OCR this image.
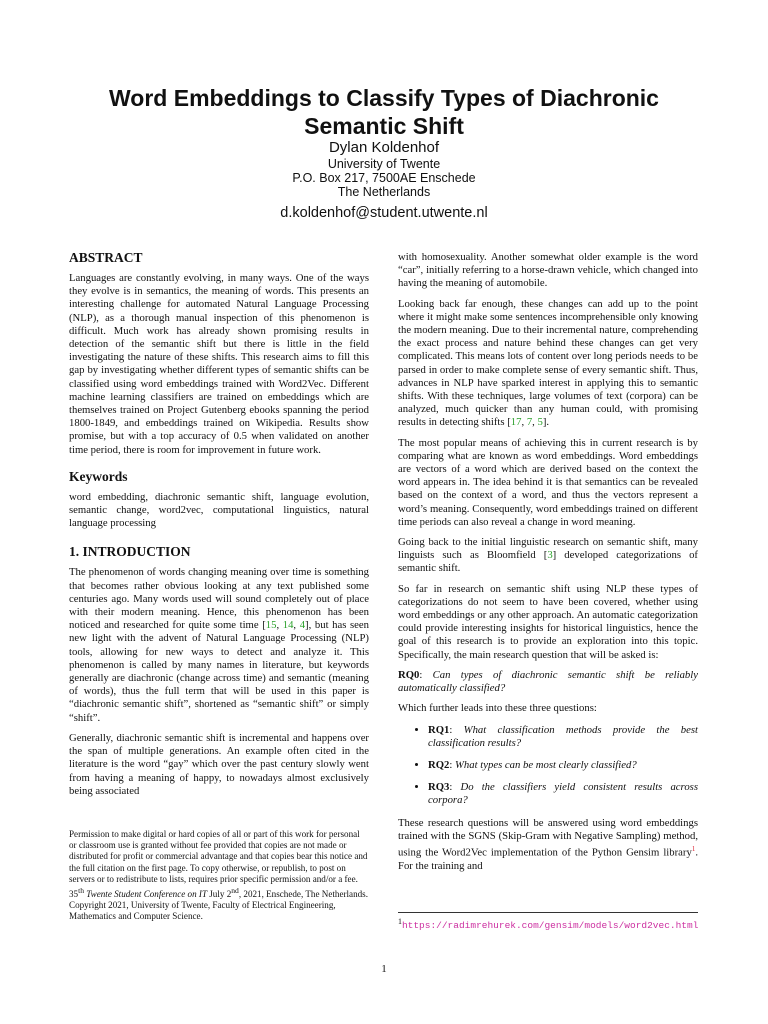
Word Embeddings to Classify Types of Diachronic Semantic Shift
Dylan Koldenhof
University of Twente
P.O. Box 217, 7500AE Enschede
The Netherlands
d.koldenhof@student.utwente.nl
ABSTRACT

Languages are constantly evolving, in many ways. One of the ways they evolve is in semantics, the meaning of words. This presents an interesting challenge for automated Natural Language Processing (NLP), as a thorough manual inspection of this phenomenon is difficult. Much work has already shown promising results in detection of the semantic shift but there is little in the field investigating the nature of these shifts. This research aims to fill this gap by investigating whether different types of semantic shifts can be classified using word embeddings trained with Word2Vec. Different machine learning classifiers are trained on embeddings which are themselves trained on Project Gutenberg ebooks spanning the period 1800-1849, and embeddings trained on Wikipedia. Results show promise, but with a top accuracy of 0.5 when validated on another time period, there is room for improvement in future work.

Keywords

word embedding, diachronic semantic shift, language evolution, semantic change, word2vec, computational linguistics, natural language processing

1. INTRODUCTION

The phenomenon of words changing meaning over time is something that becomes rather obvious looking at any text published some centuries ago. Many words used will sound completely out of place with their modern meaning. Hence, this phenomenon has been noticed and researched for quite some time [15, 14, 4], but has seen new light with the advent of Natural Language Processing (NLP) tools, allowing for new ways to detect and analyze it. This phenomenon is called by many names in literature, but keywords generally are diachronic (change across time) and semantic (meaning of words), thus the full term that will be used in this paper is “diachronic semantic shift”, shortened as “semantic shift” or simply “shift”.

Generally, diachronic semantic shift is incremental and happens over the span of multiple generations. An example often cited in the literature is the word “gay” which over the past century slowly went from having a meaning of happy, to nowadays almost exclusively being associated

Permission to make digital or hard copies of all or part of this work for personal or classroom use is granted without fee provided that copies are not made or distributed for profit or commercial advantage and that copies bear this notice and the full citation on the first page. To copy otherwise, or republish, to post on servers or to redistribute to lists, requires prior specific permission and/or a fee.
35th Twente Student Conference on IT July 2nd, 2021, Enschede, The Netherlands.
Copyright 2021, University of Twente, Faculty of Electrical Engineering, Mathematics and Computer Science.

with homosexuality. Another somewhat older example is the word “car”, initially referring to a horse-drawn vehicle, which changed into having the meaning of automobile.

Looking back far enough, these changes can add up to the point where it might make some sentences incomprehensible only knowing the modern meaning. Due to their incremental nature, comprehending the exact process and nature behind these changes can get very complicated. This means lots of content over long periods needs to be parsed in order to make complete sense of every semantic shift. Thus, advances in NLP have sparked interest in applying this to semantic shifts. With these techniques, large volumes of text (corpora) can be analyzed, much quicker than any human could, with promising results in detecting shifts [17, 7, 5].

The most popular means of achieving this in current research is by comparing what are known as word embeddings. Word embeddings are vectors of a word which are derived based on the context the word appears in. The idea behind it is that semantics can be revealed based on the context of a word, and thus the vectors represent a word’s meaning. Consequently, word embeddings trained on different time periods can also reveal a change in word meaning.

Going back to the initial linguistic research on semantic shift, many linguists such as Bloomfield [3] developed categorizations of semantic shift.

So far in research on semantic shift using NLP these types of categorizations do not seem to have been covered, whether using word embeddings or any other approach. An automatic categorization could provide interesting insights for historical linguistics, hence the goal of this research is to provide an exploration into this topic. Specifically, the main research question that will be asked is:

RQ0: Can types of diachronic semantic shift be reliably automatically classified?

Which further leads into these three questions:

• RQ1: What classification methods provide the best classification results?
• RQ2: What types can be most clearly classified?
• RQ3: Do the classifiers yield consistent results across corpora?

These research questions will be answered using word embeddings trained with the SGNS (Skip-Gram with Negative Sampling) method, using the Word2Vec implementation of the Python Gensim library$^1$. For the training and

$^1$https://radimrehurek.com/gensim/models/word2vec.html
1
